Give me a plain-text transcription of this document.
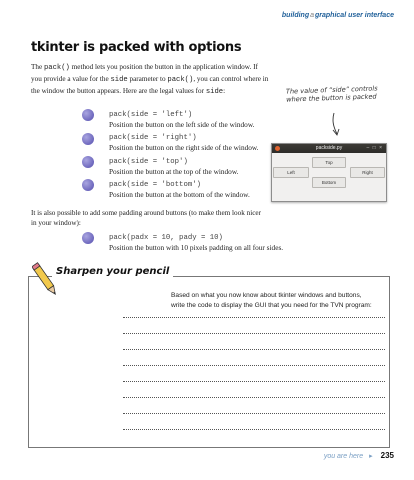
buildingagraphical user interface
tkinter is packed with options
The pack() method lets you position the button in the application window. If you provide a value for the side parameter to pack(), you can control where in the window the button appears. Here are the legal values for side:	The value of “side” controls where the button is packed
pack(side = 'left')
Position the button on the left side of the window.
pack(side = 'right')
Position the button on the right side of the window.
pack(side = 'top')
Position the button at the top of the window.
pack(side = 'bottom')
Position the button at the bottom of the window.
packside.py	– □ ×
Top
Left	Right
Bottom
It is also possible to add some padding around buttons (to make them look nicer in your window):
pack(padx = 10, pady = 10)
Position the button with 10 pixels padding on all four sides.
Sharpen your pencil
Based on what you now know about tkinter windows and buttons, write the code to display the GUI that you need for the TVN program:
you are here ▸ 235
